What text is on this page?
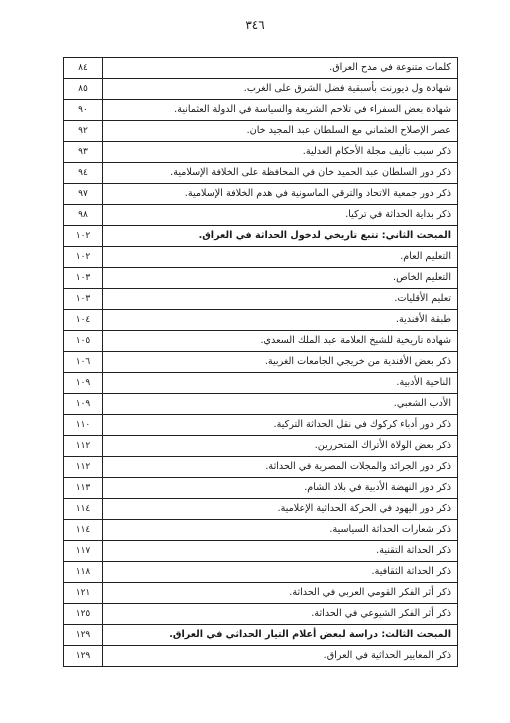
٣٤٦
٨٤	كلمات متنوعة في مدح العراق.
٨٥	شهادة ول ديورنت بأسبقية فضل الشرق على الغرب.
٩٠	شهادة بعض السفراء في تلاحم الشريعة والسياسة في الدولة العثمانية.
٩٢	عصر الإصلاح العثماني مع السلطان عبد المجيد خان.
٩٣	ذكر سبب تأليف مجلة الأحكام العدلية.
٩٤	ذكر دور السلطان عبد الحميد خان في المحافظة على الخلافة الإسلامية.
٩٧	ذكر دور جمعية الاتحاد والترقي الماسونية في هدم الخلافة الإسلامية.
٩٨	ذكر بداية الحداثة في تركيا.
١٠٢	المبحث الثاني: تتبع تاريخي لدخول الحداثة في العراق.
١٠٢	التعليم العام.
١٠٣	التعليم الخاص.
١٠٣	تعليم الأقليات.
١٠٤	طبقة الأفندية.
١٠٥	شهادة تاريخية للشيخ العلامة عبد الملك السعدي.
١٠٦	ذكر بعض الأفندية من خريجي الجامعات الغربية.
١٠٩	الناحية الأدبية.
١٠٩	الأدب الشعبي.
١١٠	ذكر دور أدباء كركوك في نقل الحداثة التركية.
١١٢	ذكر بعض الولاة الأتراك المتحررين.
١١٢	ذكر دور الجرائد والمجلات المصرية في الحداثة.
١١٣	ذكر دور النهضة الأدبية في بلاد الشام.
١١٤	ذكر دور اليهود في الحركة الحداثية الإعلامية.
١١٤	ذكر شعارات الحداثة السياسية.
١١٧	ذكر الحداثة التقنية.
١١٨	ذكر الحداثة الثقافية.
١٢١	ذكر أثر الفكر القومي العربي في الحداثة.
١٢٥	ذكر أثر الفكر الشيوعي في الحداثة.
١٢٩	المبحث الثالث: دراسة لبعض أعلام التيار الحداثي في العراق.
١٢٩	ذكر المعايير الحداثية في العراق.
